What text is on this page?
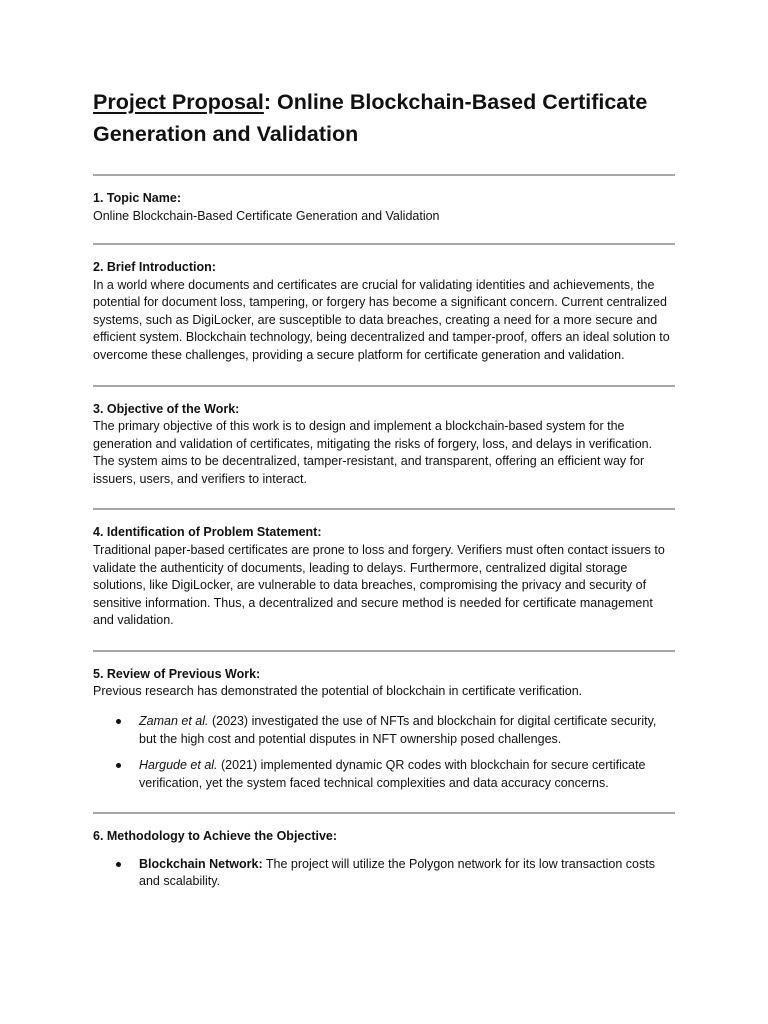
Project Proposal: Online Blockchain-Based Certificate Generation and Validation

1. Topic Name:

Online Blockchain-Based Certificate Generation and Validation

2. Brief Introduction:

In a world where documents and certificates are crucial for validating identities and achievements, the potential for document loss, tampering, or forgery has become a significant concern. Current centralized systems, such as DigiLocker, are susceptible to data breaches, creating a need for a more secure and efficient system. Blockchain technology, being decentralized and tamper-proof, offers an ideal solution to overcome these challenges, providing a secure platform for certificate generation and validation.

3. Objective of the Work:

The primary objective of this work is to design and implement a blockchain-based system for the generation and validation of certificates, mitigating the risks of forgery, loss, and delays in verification. The system aims to be decentralized, tamper-resistant, and transparent, offering an efficient way for issuers, users, and verifiers to interact.

4. Identification of Problem Statement:

Traditional paper-based certificates are prone to loss and forgery. Verifiers must often contact issuers to validate the authenticity of documents, leading to delays. Furthermore, centralized digital storage solutions, like DigiLocker, are vulnerable to data breaches, compromising the privacy and security of sensitive information. Thus, a decentralized and secure method is needed for certificate management and validation.

5. Review of Previous Work:

Previous research has demonstrated the potential of blockchain in certificate verification.

Zaman et al. (2023) investigated the use of NFTs and blockchain for digital certificate security, but the high cost and potential disputes in NFT ownership posed challenges.
Hargude et al. (2021) implemented dynamic QR codes with blockchain for secure certificate verification, yet the system faced technical complexities and data accuracy concerns.

6. Methodology to Achieve the Objective:

Blockchain Network: The project will utilize the Polygon network for its low transaction costs and scalability.
